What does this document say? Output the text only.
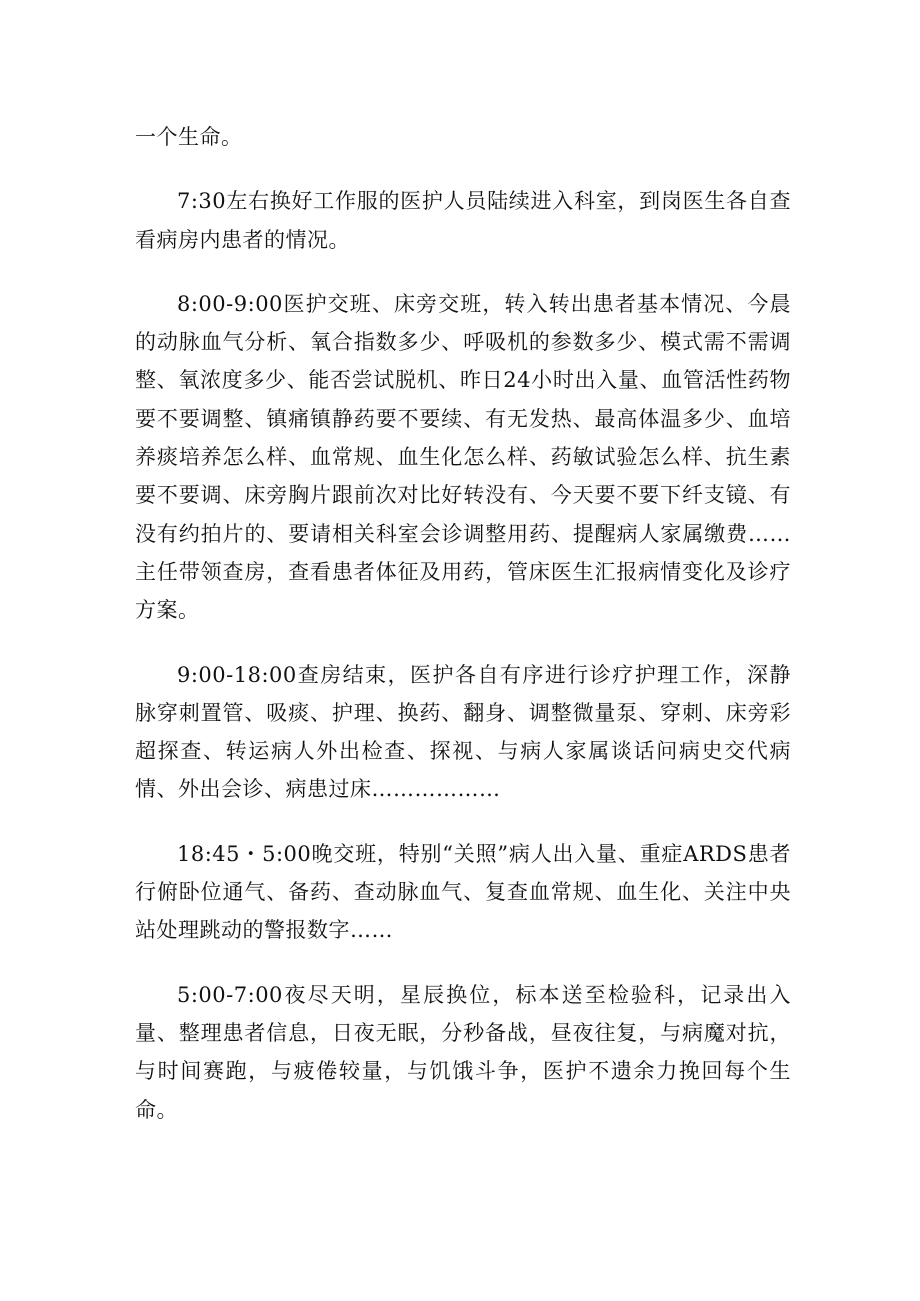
一个生命。

7:30左右换好工作服的医护人员陆续进入科室，到岗医生各自查看病房内患者的情况。

8:00-9:00医护交班、床旁交班，转入转出患者基本情况、今晨的动脉血气分析、氧合指数多少、呼吸机的参数多少、模式需不需调整、氧浓度多少、能否尝试脱机、昨日24小时出入量、血管活性药物要不要调整、镇痛镇静药要不要续、有无发热、最高体温多少、血培养痰培养怎么样、血常规、血生化怎么样、药敏试验怎么样、抗生素要不要调、床旁胸片跟前次对比好转没有、今天要不要下纤支镜、有没有约拍片的、要请相关科室会诊调整用药、提醒病人家属缴费……主任带领查房，查看患者体征及用药，管床医生汇报病情变化及诊疗方案。

9:00-18:00查房结束，医护各自有序进行诊疗护理工作，深静脉穿刺置管、吸痰、护理、换药、翻身、调整微量泵、穿刺、床旁彩超探查、转运病人外出检查、探视、与病人家属谈话问病史交代病情、外出会诊、病患过床………………

18:45・5:00晚交班，特别“关照”病人出入量、重症ARDS患者行俯卧位通气、备药、查动脉血气、复查血常规、血生化、关注中央站处理跳动的警报数字……

5:00-7:00夜尽天明，星辰换位，标本送至检验科，记录出入量、整理患者信息，日夜无眠，分秒备战，昼夜往复，与病魔对抗，与时间赛跑，与疲倦较量，与饥饿斗争，医护不遗余力挽回每个生命。
